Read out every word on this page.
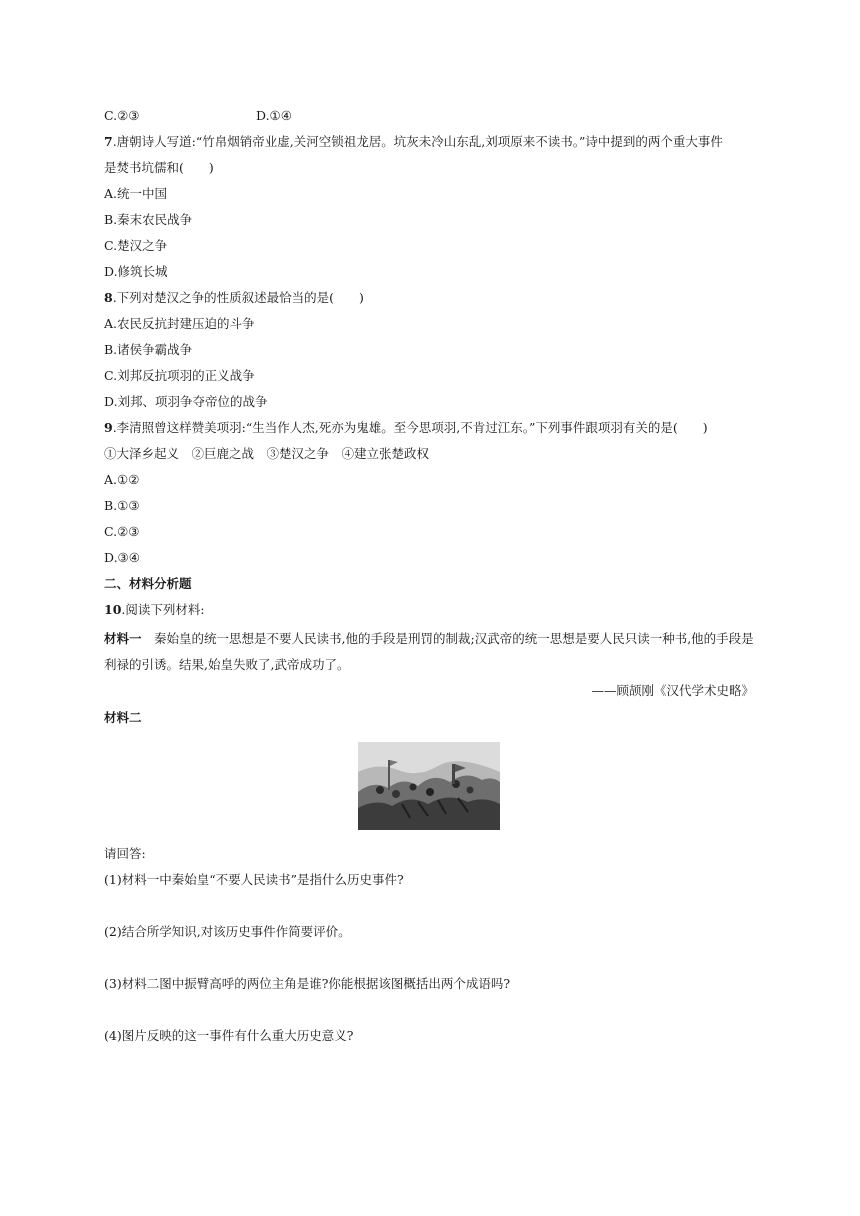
C.②③	D.①④
7.唐朝诗人写道:“竹帛烟销帝业虚,关河空锁祖龙居。坑灰未冷山东乱,刘项原来不读书。”诗中提到的两个重大事件
是焚书坑儒和(　　)
A.统一中国
B.秦末农民战争
C.楚汉之争
D.修筑长城
8.下列对楚汉之争的性质叙述最恰当的是(　　)
A.农民反抗封建压迫的斗争
B.诸侯争霸战争
C.刘邦反抗项羽的正义战争
D.刘邦、项羽争夺帝位的战争
9.李清照曾这样赞美项羽:“生当作人杰,死亦为鬼雄。至今思项羽,不肯过江东。”下列事件跟项羽有关的是(　　)
①大泽乡起义　②巨鹿之战　③楚汉之争　④建立张楚政权
A.①②
B.①③
C.②③
D.③④
二、材料分析题
10.阅读下列材料:
材料一　秦始皇的统一思想是不要人民读书,他的手段是刑罚的制裁;汉武帝的统一思想是要人民只读一种书,他的手段是利禄的引诱。结果,始皇失败了,武帝成功了。
——顾颉刚《汉代学术史略》
材料二
请回答:
(1)材料一中秦始皇“不要人民读书”是指什么历史事件?
(2)结合所学知识,对该历史事件作简要评价。
(3)材料二图中振臂高呼的两位主角是谁?你能根据该图概括出两个成语吗?
(4)图片反映的这一事件有什么重大历史意义?
